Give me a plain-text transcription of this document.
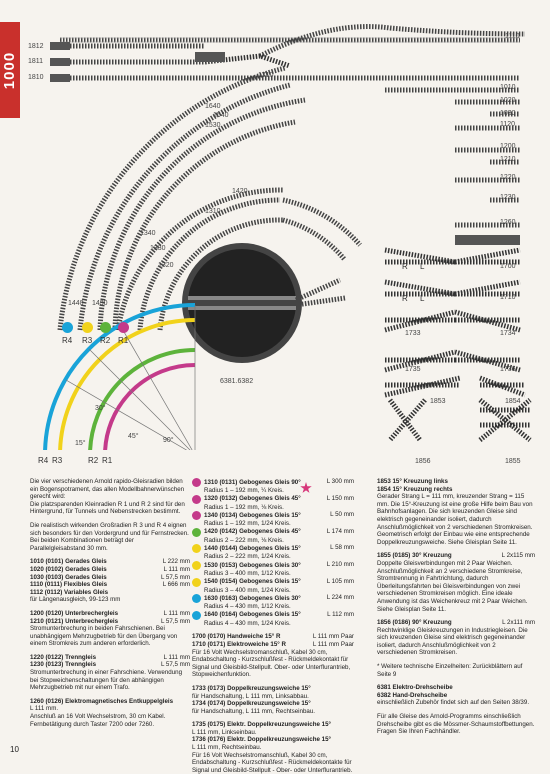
1000
1812
1811
1810
1110
1010
1020
1030
1120
1200
1210
1220
1230
1260
1700
1710
1733	1734
1735	1736
1853	1854
1856	1855
1710
1640
1540
1530
1440 1430
1420
1310
1340
1330
1320
6381.6382
R L
R L
R4 R3 R2 R1
30°
45°
90°
15°
R4 R3	R2 R1
Die vier verschiedenen Arnold rapido-Gleisradien bilden ein Bogenspotrament, das allen Modellbahnerwünschen gerecht wird:
Die platzsparenden Kleinradien R 1 und R 2 sind für den Hintergrund, für Tunnels und Nebenstrecken bestimmt.
Die realistisch wirkenden Großradien R 3 und R 4 eignen sich besonders für den Vordergrund und für Fernstrecken.
Bei beiden Kombinationen beträgt der Parallelgleisabstand 30 mm.
1010 (0101) Gerades Gleis	L 222 mm
1020 (0102) Gerades Gleis	L 111 mm
1030 (0103) Gerades Gleis	L 57,5 mm
1110 (0111) Flexibles Gleis	L 666 mm
1112 (0112) Variables Gleis
für Längenausgleich, 99-123 mm
1200 (0120) Unterbrechergleis	L 111 mm
1210 (0121) Unterbrechergleis	L 57,5 mm
Stromunterbrechung in beiden Fahrschienen. Bei unabhängigem Mehrzugbetrieb für den Übergang von einem Stromkreis zum anderen erforderlich.
1220 (0122) Trenngleis	L 111 mm
1230 (0123) Trenngleis	L 57,5 mm
Stromunterbrechung in einer Fahrschiene. Verwendung bei Stopweichenschaltungen für den abhängigen Mehrzugbetrieb mit nur einem Trafo.
1260 (0126) Elektromagnetisches Entkuppelgleis
L 111 mm.
Anschluß an 16 Volt Wechselstrom, 30 cm Kabel. Fernbetätigung durch Taster 7200 oder 7260.
1310 (0131) Gebogenes Gleis 90°	L 300 mm
Radius 1 – 192 mm, ¼ Kreis.
1320 (0132) Gebogenes Gleis 45°	L 150 mm
Radius 1 – 192 mm, ⅛ Kreis.
1340 (0134) Gebogenes Gleis 15°	L 50 mm
Radius 1 – 192 mm, 1/24 Kreis.
1420 (0142) Gebogenes Gleis 45°	L 174 mm
Radius 2 – 222 mm, ⅛ Kreis.
1440 (0144) Gebogenes Gleis 15°	L 58 mm
Radius 2 – 222 mm, 1/24 Kreis.
1530 (0153) Gebogenes Gleis 30°	L 210 mm
Radius 3 – 400 mm, 1/12 Kreis.
1540 (0154) Gebogenes Gleis 15°	L 105 mm
Radius 3 – 400 mm, 1/24 Kreis.
1630 (0163) Gebogenes Gleis 30°	L 224 mm
Radius 4 – 430 mm, 1/12 Kreis.
1640 (0164) Gebogenes Gleis 15°	L 112 mm
Radius 4 – 430 mm, 1/24 Kreis.
1700 (0170) Handweiche 15° R	L 111 mm Paar
1710 (0171) Elektroweiche 15° R	L 111 mm Paar
Für 16 Volt Wechselstromanschluß, Kabel 30 cm, Endabschaltung - Kurzschlußfest - Rückmeldekontakt für Signal und Gleisbild-Stellpult. Ober- oder Unterflurantrieb, Stopweichenfunktion.
1733 (0173) Doppelkreuzungsweiche 15°
für Handschaltung, L 111 mm, Linksabbau.
1734 (0174) Doppelkreuzungsweiche 15°
für Handschaltung, L 111 mm, Rechtseinbau.
1735 (0175) Elektr. Doppelkreuzungsweiche 15°
L 111 mm, Linkseinbau.
1736 (0176) Elektr. Doppelkreuzungsweiche 15°
L 111 mm, Rechtseinbau.
Für 16 Volt Wechselstromanschluß, Kabel 30 cm, Endabschaltung - Kurzschlußfest - Rückmeldekontakte für Signal und Gleisbild-Stellpult - Ober- oder Unterflurantrieb.
1853 15° Kreuzung links
1854 15° Kreuzung rechts
Gerader Strang L = 111 mm, kreuzender Strang = 115 mm. Die 15°-Kreuzung ist eine große Hilfe beim Bau von Bahnhofsanlagen. Die sich kreuzenden Gleise sind elektrisch gegeneinander isoliert, dadurch Anschlußmöglichkeit von 2 verschiedenen Stromkreisen. Geometrisch erfolgt der Einbau wie eine entsprechende Doppelkreuzungsweiche. Siehe Gleisplan Seite 11.
1855 (0185) 30° Kreuzung	L 2x115 mm
Doppelte Gleisverbindungen mit 2 Paar Weichen. Anschlußmöglichkeit an 2 verschiedene Stromkreise, Stromtrennung in Fahrtrichtung, dadurch Überleitungsfahrten bei Gleisverbindungen von zwei verschiedenen Stromkreisen möglich. Eine ideale Anwendung ist das Weichenkreuz mit 2 Paar Weichen. Siehe Gleisplan Seite 11.
1856 (0186) 90° Kreuzung	L 2x111 mm
Rechtwinklige Gleiskreuzungen in Industriegleisen. Die sich kreuzenden Gleise sind elektrisch gegeneinander isoliert, dadurch Anschlußmöglichkeit von 2 verschiedenen Stromkreisen.
* Weitere technische Einzelheiten: Zurückblättern auf Seite 9
6381 Elektro-Drehscheibe
6382 Hand-Drehscheibe
einschließlich Zubehör findet sich auf den Seiten 38/39.
Für alle Gleise des Arnold-Programms einschließlich Drehscheibe gibt es die Mössmer-Schaumstoffbettungen. Fragen Sie Ihren Fachhändler.
10
